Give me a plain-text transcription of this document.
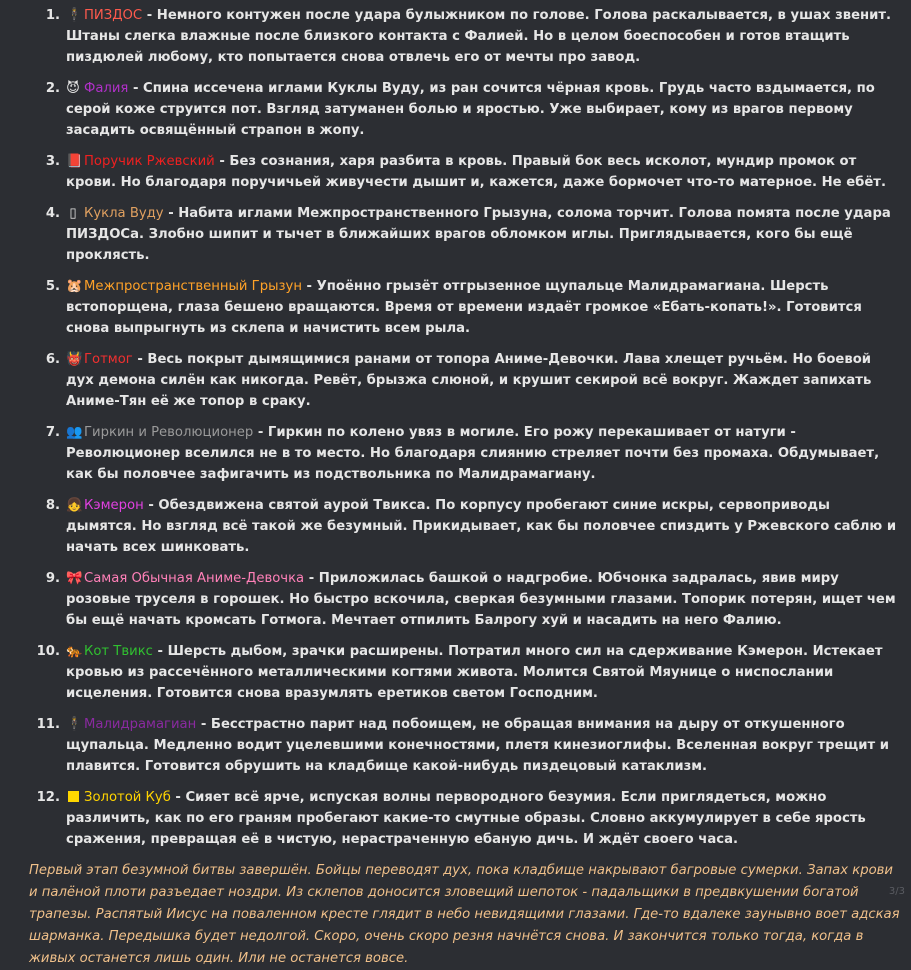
1. 🕴 ПИЗДОС - Немного контужен после удара булыжником по голове. Голова раскалывается, в ушах звенит. Штаны слегка влажные после близкого контакта с Фалией. Но в целом боеспособен и готов втащить пиздюлей любому, кто попытается снова отвлечь его от мечты про завод.
2. 😈 Фалия - Спина иссечена иглами Куклы Вуду, из ран сочится чёрная кровь. Грудь часто вздымается, по серой коже струится пот. Взгляд затуманен болью и яростью. Уже выбирает, кому из врагов первому засадить освящённый страпон в жопу.
3. 📕 Поручик Ржевский - Без сознания, харя разбита в кровь. Правый бок весь исколот, мундир промок от крови. Но благодаря поручичьей живучести дышит и, кажется, даже бормочет что-то матерное. Не ебёт.
4. ▯ Кукла Вуду - Набита иглами Межпространственного Грызуна, солома торчит. Голова помята после удара ПИЗДОСа. Злобно шипит и тычет в ближайших врагов обломком иглы. Приглядывается, кого бы ещё проклясть.
5. 🐹 Межпространственный Грызун - Упоённо грызёт отгрызенное щупальце Малидрамагиана. Шерсть встопорщена, глаза бешено вращаются. Время от времени издаёт громкое «Ебать-копать!». Готовится снова выпрыгнуть из склепа и начистить всем рыла.
6. 👹 Готмог - Весь покрыт дымящимися ранами от топора Аниме-Девочки. Лава хлещет ручьём. Но боевой дух демона силён как никогда. Ревёт, брызжа слюной, и крушит секирой всё вокруг. Жаждет запихать Аниме-Тян её же топор в сраку.
7. 👥 Гиркин и Революционер - Гиркин по колено увяз в могиле. Его рожу перекашивает от натуги - Революционер вселился не в то место. Но благодаря слиянию стреляет почти без промаха. Обдумывает, как бы половчее зафигачить из подствольника по Малидрамагиану.
8. 👧 Кэмерон - Обездвижена святой аурой Твикса. По корпусу пробегают синие искры, сервоприводы дымятся. Но взгляд всё такой же безумный. Прикидывает, как бы половчее спиздить у Ржевского саблю и начать всех шинковать.
9. 🎀 Самая Обычная Аниме-Девочка - Приложилась башкой о надгробие. Юбчонка задралась, явив миру розовые труселя в горошек. Но быстро вскочила, сверкая безумными глазами. Топорик потерян, ищет чем бы ещё начать кромсать Готмога. Мечтает отпилить Балрогу хуй и насадить на него Фалию.
10. 🐅 Кот Твикс - Шерсть дыбом, зрачки расширены. Потратил много сил на сдерживание Кэмерон. Истекает кровью из рассечённого металлическими когтями живота. Молится Святой Мяунице о ниспослании исцеления. Готовится снова вразумлять еретиков светом Господним.
11. 🕴 Малидрамагиан - Бесстрастно парит над побоищем, не обращая внимания на дыру от откушенного щупальца. Медленно водит уцелевшими конечностями, плетя кинезиоглифы. Вселенная вокруг трещит и плавится. Готовится обрушить на кладбище какой-нибудь пиздецовый катаклизм.
12. Золотой Куб - Сияет всё ярче, испуская волны первородного безумия. Если приглядеться, можно различить, как по его граням пробегают какие-то смутные образы. Словно аккумулирует в себе ярость сражения, превращая её в чистую, нерастраченную ебаную дичь. И ждёт своего часа.

Первый этап безумной битвы завершён. Бойцы переводят дух, пока кладбище накрывают багровые сумерки. Запах крови и палёной плоти разъедает ноздри. Из склепов доносится зловещий шепоток - падальщики в предвкушении богатой трапезы. Распятый Иисус на поваленном кресте глядит в небо невидящими глазами. Где-то вдалеке заунывно воет адская шарманка. Передышка будет недолгой. Скоро, очень скоро резня начнётся снова. И закончится только тогда, когда в живых останется лишь один. Или не останется вовсе.

3/3
